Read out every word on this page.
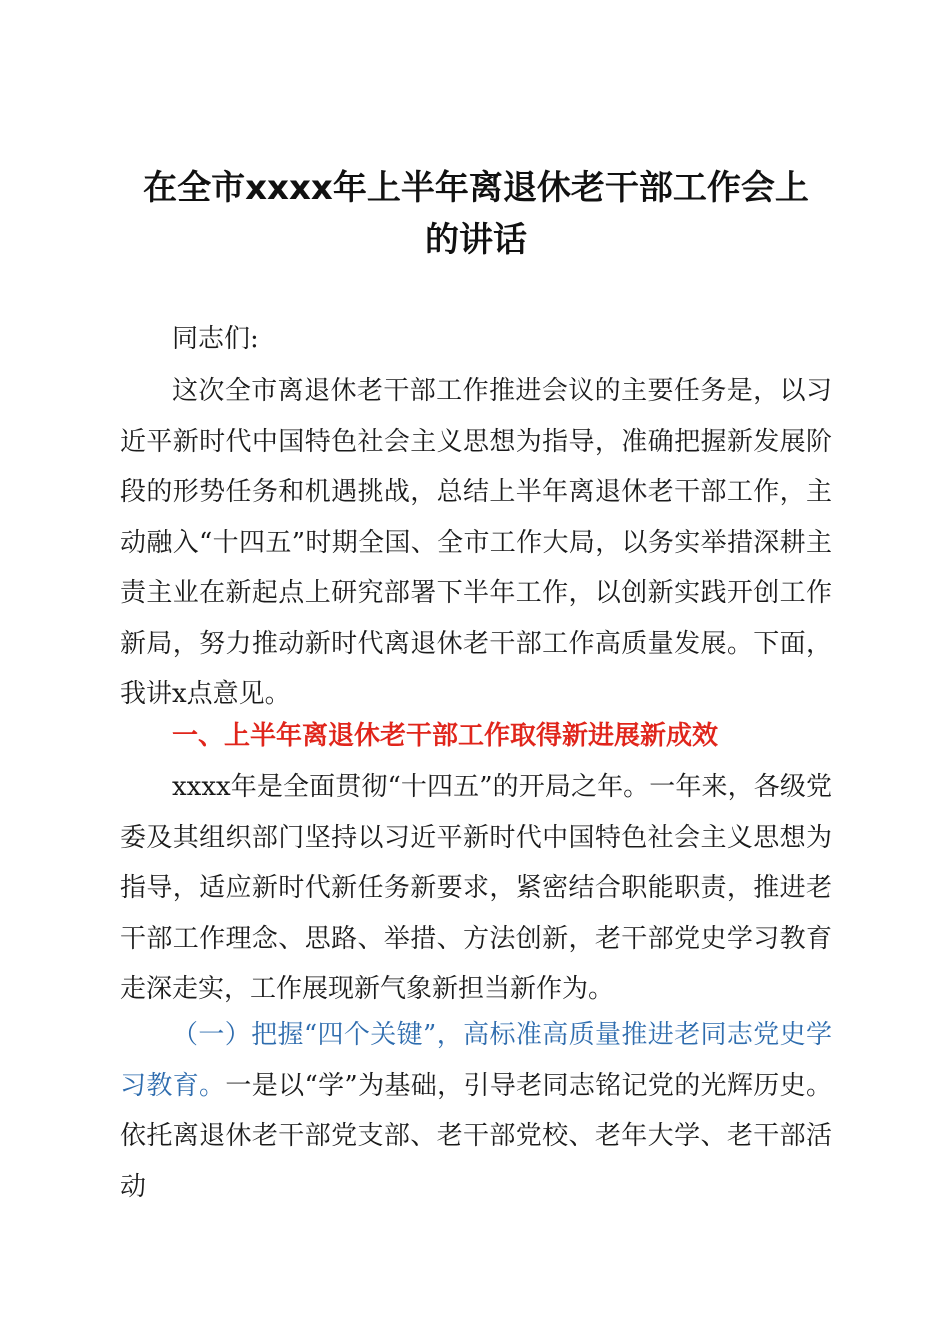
在全市xxxx年上半年离退休老干部工作会上
的讲话

同志们:

这次全市离退休老干部工作推进会议的主要任务是，以习近平新时代中国特色社会主义思想为指导，准确把握新发展阶段的形势任务和机遇挑战，总结上半年离退休老干部工作，主动融入“十四五”时期全国、全市工作大局，以务实举措深耕主责主业在新起点上研究部署下半年工作，以创新实践开创工作新局，努力推动新时代离退休老干部工作高质量发展。下面，我讲x点意见。

一、上半年离退休老干部工作取得新进展新成效

xxxx年是全面贯彻“十四五”的开局之年。一年来，各级党委及其组织部门坚持以习近平新时代中国特色社会主义思想为指导，适应新时代新任务新要求，紧密结合职能职责，推进老干部工作理念、思路、举措、方法创新，老干部党史学习教育走深走实，工作展现新气象新担当新作为。

（一）把握“四个关键”，高标准高质量推进老同志党史学习教育。一是以“学”为基础，引导老同志铭记党的光辉历史。依托离退休老干部党支部、老干部党校、老年大学、老干部活动
